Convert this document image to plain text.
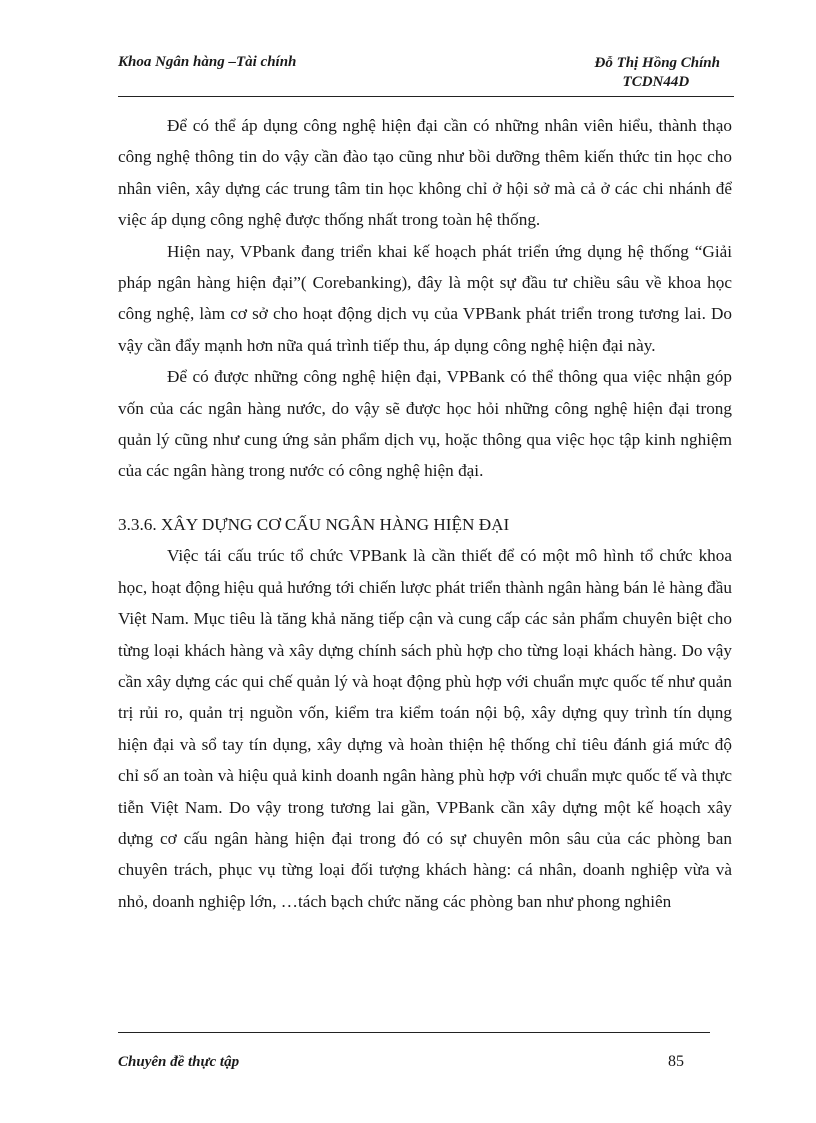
Khoa Ngân hàng –Tài chính	Đỗ Thị Hồng Chính
TCDN44D

Để có thể áp dụng công nghệ hiện đại cần có những nhân viên hiểu, thành thạo công nghệ thông tin do vậy cần đào tạo cũng như bồi dưỡng thêm kiến thức tin học cho nhân viên, xây dựng các trung tâm tin học không chỉ ở hội sở mà cả ở các chi nhánh để việc áp dụng công nghệ được thống nhất trong toàn hệ thống.

Hiện nay, VPbank đang triển khai kế hoạch phát triển ứng dụng hệ thống “Giải pháp ngân hàng hiện đại”( Corebanking), đây là một sự đầu tư chiều sâu về khoa học công nghệ, làm cơ sở cho hoạt động dịch vụ của VPBank phát triển trong tương lai. Do vậy cần đẩy mạnh hơn nữa quá trình tiếp thu, áp dụng công nghệ hiện đại này.

Để có được những công nghệ hiện đại, VPBank có thể thông qua việc nhận góp vốn của các ngân hàng nước, do vậy sẽ được học hỏi những công nghệ hiện đại trong quản lý cũng như cung ứng sản phẩm dịch vụ, hoặc thông qua việc học tập kinh nghiệm của các ngân hàng trong nước có công nghệ hiện đại.

3.3.6. XÂY DỰNG CƠ CẤU NGÂN HÀNG HIỆN ĐẠI

Việc tái cấu trúc tổ chức VPBank là cần thiết để có một mô hình tổ chức khoa học, hoạt động hiệu quả hướng tới chiến lược phát triển thành ngân hàng bán lẻ hàng đầu Việt Nam. Mục tiêu là tăng khả năng tiếp cận và cung cấp các sản phẩm chuyên biệt cho từng loại khách hàng và xây dựng chính sách phù hợp cho từng loại khách hàng. Do vậy cần xây dựng các qui chế quản lý và hoạt động phù hợp với chuẩn mực quốc tế như quản trị rủi ro, quản trị nguồn vốn, kiểm tra kiểm toán nội bộ, xây dựng quy trình tín dụng hiện đại và sổ tay tín dụng, xây dựng và hoàn thiện hệ thống chỉ tiêu đánh giá mức độ chỉ số an toàn và hiệu quả kinh doanh ngân hàng phù hợp với chuẩn mực quốc tế và thực tiễn Việt Nam. Do vậy trong tương lai gần, VPBank cần xây dựng một kế hoạch xây dựng cơ cấu ngân hàng hiện đại trong đó có sự chuyên môn sâu của các phòng ban chuyên trách, phục vụ từng loại đối tượng khách hàng: cá nhân, doanh nghiệp vừa và nhỏ, doanh nghiệp lớn, …tách bạch chức năng các phòng ban như phong nghiên

Chuyên đề thực tập	85
